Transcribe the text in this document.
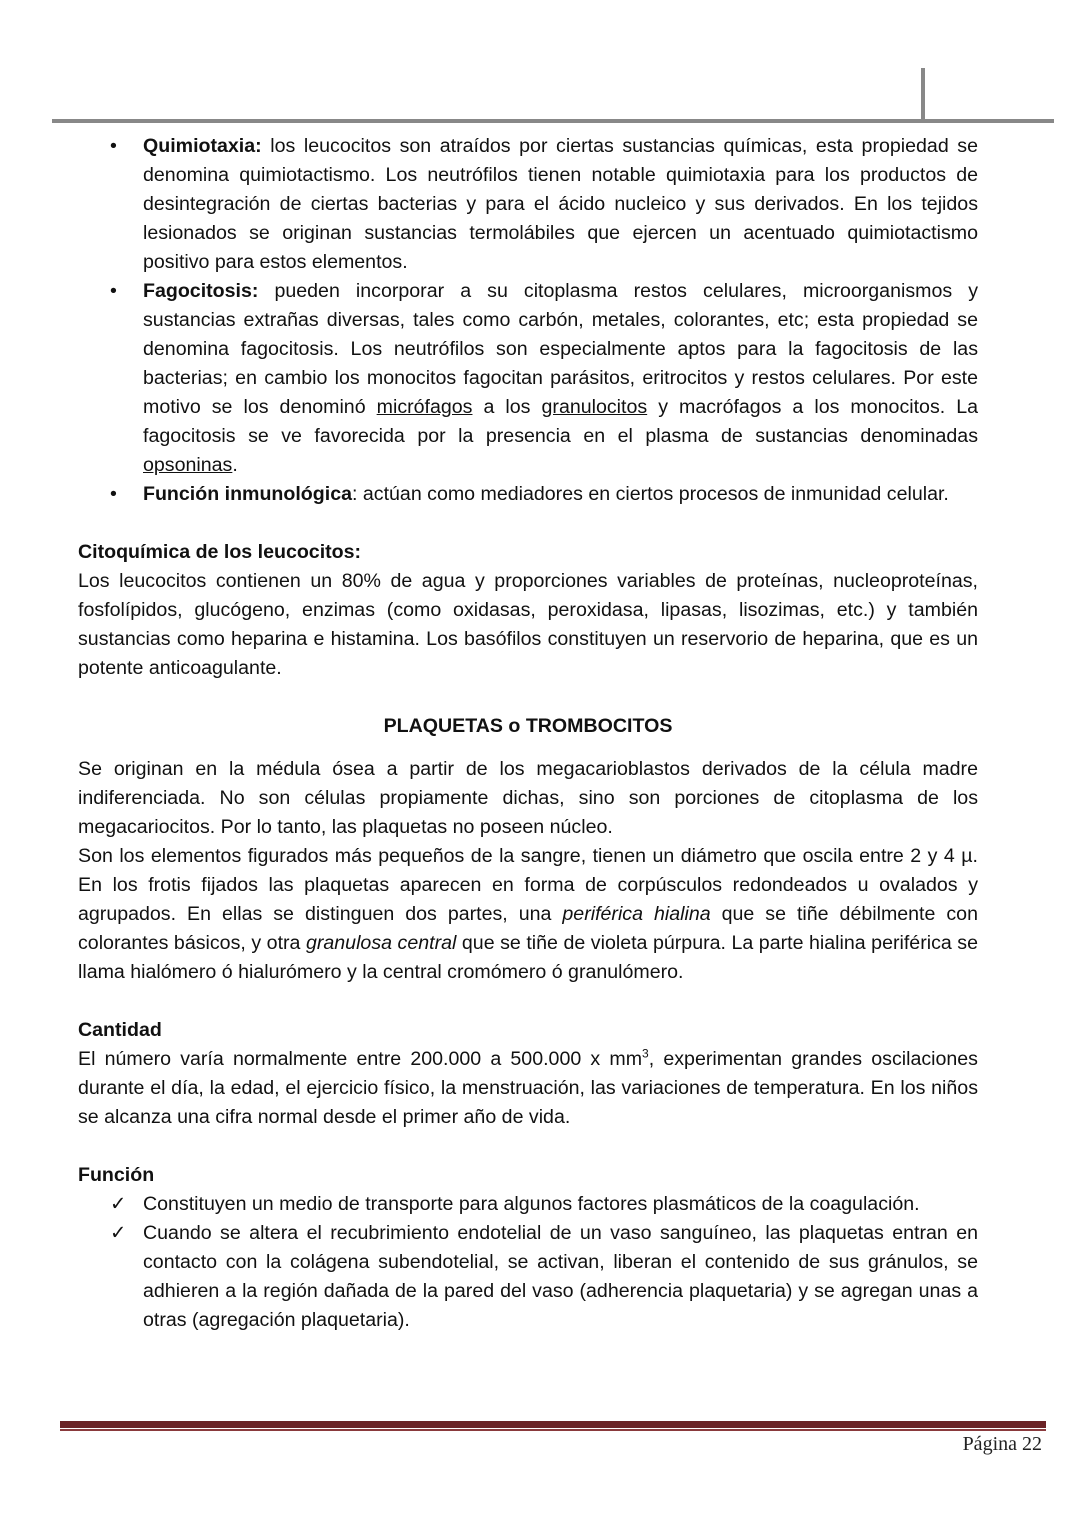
• Quimiotaxia: los leucocitos son atraídos por ciertas sustancias químicas, esta propiedad se denomina quimiotactismo. Los neutrófilos tienen notable quimiotaxia para los productos de desintegración de ciertas bacterias y para el ácido nucleico y sus derivados. En los tejidos lesionados se originan sustancias termolábiles que ejercen un acentuado quimiotactismo positivo para estos elementos.
• Fagocitosis: pueden incorporar a su citoplasma restos celulares, microorganismos y sustancias extrañas diversas, tales como carbón, metales, colorantes, etc; esta propiedad se denomina fagocitosis. Los neutrófilos son especialmente aptos para la fagocitosis de las bacterias; en cambio los monocitos fagocitan parásitos, eritrocitos y restos celulares. Por este motivo se los denominó micrófagos a los granulocitos y macrófagos a los monocitos. La fagocitosis se ve favorecida por la presencia en el plasma de sustancias denominadas opsoninas.
• Función inmunológica: actúan como mediadores en ciertos procesos de inmunidad celular.
Citoquímica de los leucocitos:
Los leucocitos contienen un 80% de agua y proporciones variables de proteínas, nucleoproteínas, fosfolípidos, glucógeno, enzimas (como oxidasas, peroxidasa, lipasas, lisozimas, etc.) y también sustancias como heparina e histamina. Los basófilos constituyen un reservorio de heparina, que es un potente anticoagulante.
PLAQUETAS o TROMBOCITOS
Se originan en la médula ósea a partir de los megacarioblastos derivados de la célula madre indiferenciada. No son células propiamente dichas, sino son porciones de citoplasma de los megacariocitos. Por lo tanto, las plaquetas no poseen núcleo.
Son los elementos figurados más pequeños de la sangre, tienen un diámetro que oscila entre 2 y 4 µ. En los frotis fijados las plaquetas aparecen en forma de corpúsculos redondeados u ovalados y agrupados. En ellas se distinguen dos partes, una periférica hialina que se tiñe débilmente con colorantes básicos, y otra granulosa central que se tiñe de violeta púrpura. La parte hialina periférica se llama hialómero ó hialurómero y la central cromómero ó granulómero.
Cantidad
El número varía normalmente entre 200.000 a 500.000 x $mm^3$, experimentan grandes oscilaciones durante el día, la edad, el ejercicio físico, la menstruación, las variaciones de temperatura. En los niños se alcanza una cifra normal desde el primer año de vida.
Función
✓ Constituyen un medio de transporte para algunos factores plasmáticos de la coagulación.
✓ Cuando se altera el recubrimiento endotelial de un vaso sanguíneo, las plaquetas entran en contacto con la colágena subendotelial, se activan, liberan el contenido de sus gránulos, se adhieren a la región dañada de la pared del vaso (adherencia plaquetaria) y se agregan unas a otras (agregación plaquetaria).
Página 22
